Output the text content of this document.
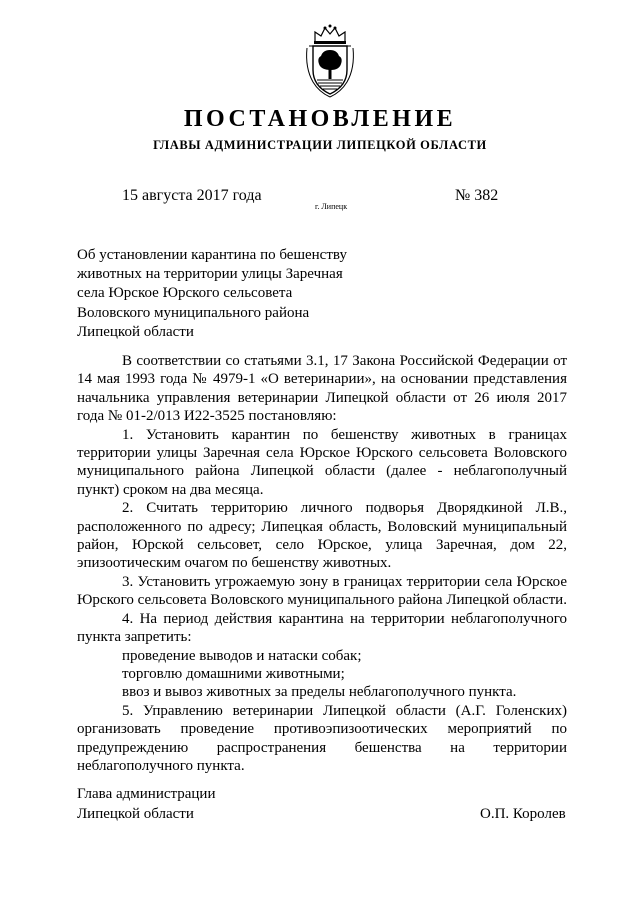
ПОСТАНОВЛЕНИЕ
ГЛАВЫ АДМИНИСТРАЦИИ ЛИПЕЦКОЙ ОБЛАСТИ
15 августа 2017 года
г. Липецк
№ 382
Об установлении карантина по бешенству
животных на территории улицы Заречная
села Юрское Юрского сельсовета
Воловского муниципального района
Липецкой области

В соответствии со статьями 3.1, 17 Закона Российской Федерации от 14 мая 1993 года № 4979-1 «О ветеринарии», на основании представления начальника управления ветеринарии Липецкой области от 26 июля 2017 года № 01-2/013 И22-3525 постановляю:

1. Установить карантин по бешенству животных в границах территории улицы Заречная села Юрское Юрского сельсовета Воловского муниципального района Липецкой области (далее - неблагополучный пункт) сроком на два месяца.

2. Считать территорию личного подворья Дворядкиной Л.В., расположенного по адресу; Липецкая область, Воловский муниципальный район, Юрской сельсовет, село Юрское, улица Заречная, дом 22, эпизоотическим очагом по бешенству животных.

3. Установить угрожаемую зону в границах территории села Юрское Юрского сельсовета Воловского муниципального района Липецкой области.

4. На период действия карантина на территории неблагополучного пункта запретить:

проведение выводов и натаски собак;

торговлю домашними животными;

ввоз и вывоз животных за пределы неблагополучного пункта.

5. Управлению ветеринарии Липецкой области (А.Г. Голенских) организовать проведение противоэпизоотических мероприятий по предупреждению распространения бешенства на территории неблагополучного пункта.

Глава администрации
Липецкой области	О.П. Королев
